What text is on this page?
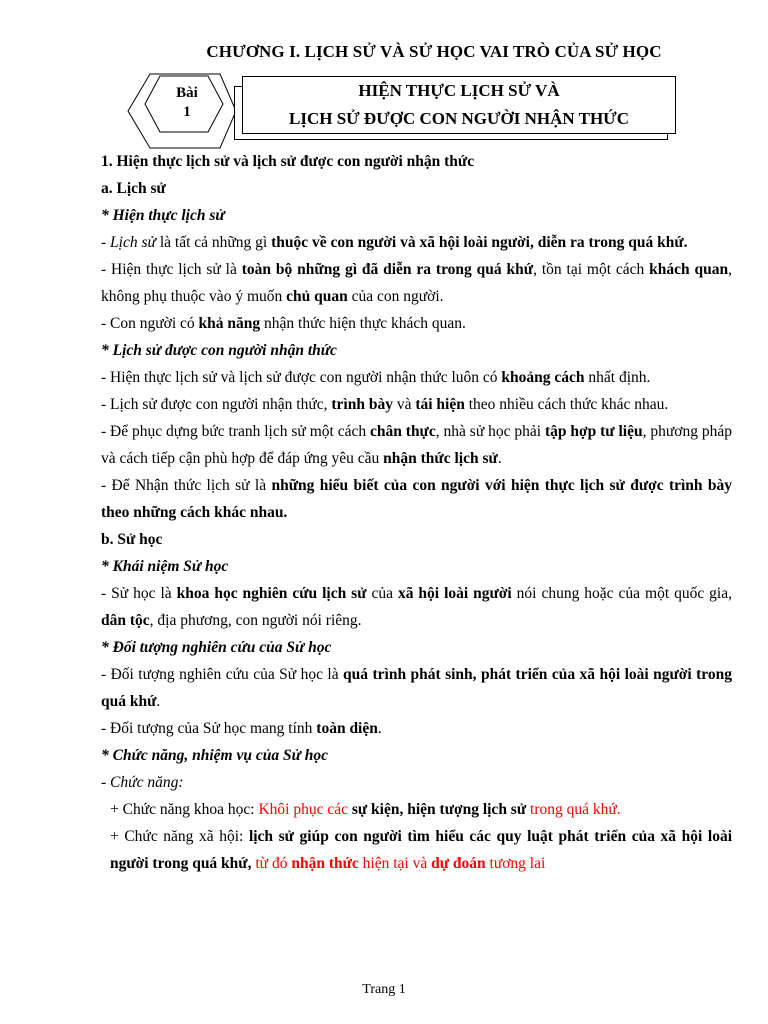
CHƯƠNG I. LỊCH SỬ VÀ SỬ HỌC VAI TRÒ CỦA SỬ HỌC
Bài
1
HIỆN THỰC LỊCH SỬ VÀ
LỊCH SỬ ĐƯỢC CON NGƯỜI NHẬN THỨC

1. Hiện thực lịch sử và lịch sử được con người nhận thức

a. Lịch sử

* Hiện thực lịch sử

- Lịch sử là tất cả những gì thuộc về con người và xã hội loài người, diễn ra trong quá khứ.

- Hiện thực lịch sử là toàn bộ những gì đã diễn ra trong quá khứ, tồn tại một cách khách quan, không phụ thuộc vào ý muốn chủ quan của con người.

- Con người có khả năng nhận thức hiện thực khách quan.

* Lịch sử được con người nhận thức

- Hiện thực lịch sử và lịch sử được con người nhận thức luôn có khoảng cách nhất định.

- Lịch sử được con người nhận thức, trình bày và tái hiện theo nhiều cách thức khác nhau.

- Để phục dựng bức tranh lịch sử một cách chân thực, nhà sử học phải tập hợp tư liệu, phương pháp và cách tiếp cận phù hợp để đáp ứng yêu cầu nhận thức lịch sử.

- Để Nhận thức lịch sử là những hiểu biết của con người với hiện thực lịch sử được trình bày theo những cách khác nhau.

b. Sử học

* Khái niệm Sử học

- Sử học là khoa học nghiên cứu lịch sử của xã hội loài người nói chung hoặc của một quốc gia, dân tộc, địa phương, con người nói riêng.

* Đối tượng nghiên cứu của Sử học

- Đối tượng nghiên cứu của Sử học là quá trình phát sinh, phát triển của xã hội loài người trong quá khứ.

- Đối tượng của Sử học mang tính toàn diện.

* Chức năng, nhiệm vụ của Sử học

- Chức năng:

+ Chức năng khoa học: Khôi phục các sự kiện, hiện tượng lịch sử trong quá khứ.

+ Chức năng xã hội: lịch sử giúp con người tìm hiểu các quy luật phát triển của xã hội loài người trong quá khứ, từ đó nhận thức hiện tại và dự đoán tương lai

Trang 1
